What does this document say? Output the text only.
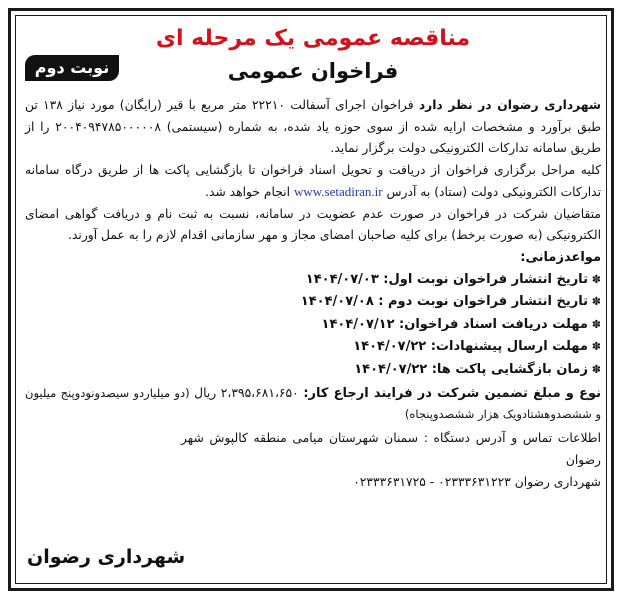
مناقصه عمومی یک مرحله ای
فراخوان عمومی

شهرداری رضوان در نظر دارد فراخوان اجرای آسفالت ۲۲۲۱۰ متر مربع با قیر (رایگان) مورد نیاز ۱۳۸ تن طبق برآورد و مشخصات ارایه شده از سوی حوزه یاد شده، به شماره (سیستمی) ۲۰۰۴۰۹۴۷۸۵۰۰۰۰۰۸ را از طریق سامانه تدارکات الکترونیکی دولت برگزار نماید.

کلیه مراحل برگزاری فراخوان از دریافت و تحویل اسناد فراخوان تا بازگشایی پاکت ها از طریق درگاه سامانه تدارکات الکترونیکی دولت (ستاد) به آدرس www.setadiran.ir انجام خواهد شد.

متقاضیان شرکت در فراخوان در صورت عدم عضویت در سامانه، نسبت به ثبت نام و دریافت گواهی امضای الکترونیکی (به صورت برخط) برای کلیه صاحبان امضای مجاز و مهر سازمانی اقدام لازم را به عمل آورند.

مواعدزمانی:
✽ تاریخ انتشار فراخوان نوبت اول: ۱۴۰۴/۰۷/۰۳
✽ تاریخ انتشار فراخوان نوبت دوم : ۱۴۰۴/۰۷/۰۸
✽ مهلت دریافت اسناد فراخوان: ۱۴۰۴/۰۷/۱۲
✽ مهلت ارسال پیشنهادات: ۱۴۰۴/۰۷/۲۲
✽ زمان بازگشایی پاکت ها: ۱۴۰۴/۰۷/۲۲
نوع و مبلغ تضمین شرکت در فرایند ارجاع کار: ۲،۳۹۵،۶۸۱،۶۵۰ ریال (دو میلیاردو سیصدونودوپنج میلیون و ششصدوهشتادویک هزار ششصدوپنجاه)
اطلاعات تماس و آدرس دستگاه : سمنان شهرستان میامی منطقه کالپوش شهر رضوان
شهرداری رضوان ۰۲۳۳۳۶۳۱۲۲۳ - ۰۲۳۳۳۶۳۱۷۲۵
نوبت دوم
شهرداری رضوان
